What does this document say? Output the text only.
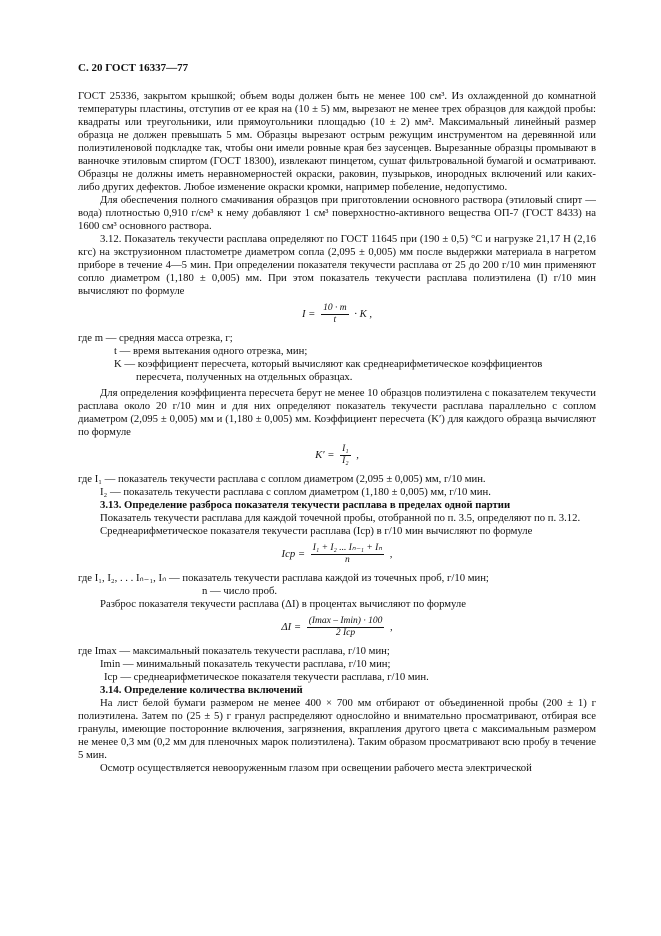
С. 20 ГОСТ 16337—77

ГОСТ 25336, закрытом крышкой; объем воды должен быть не менее 100 см³. Из охлажденной до комнатной температуры пластины, отступив от ее края на (10 ± 5) мм, вырезают не менее трех образцов для каждой пробы: квадраты или треугольники, или прямоугольники площадью (10 ± 2) мм². Максимальный линейный размер образца не должен превышать 5 мм. Образцы вырезают острым режущим инструментом на деревянной или полиэтиленовой подкладке так, чтобы они имели ровные края без заусенцев. Вырезанные образцы промывают в ванночке этиловым спиртом (ГОСТ 18300), извлекают пинцетом, сушат фильтровальной бумагой и осматривают. Образцы не должны иметь неравномерностей окраски, раковин, пузырьков, инородных включений или каких-либо других дефектов. Любое изменение окраски кромки, например побеление, недопустимо.

Для обеспечения полного смачивания образцов при приготовлении основного раствора (этиловый спирт — вода) плотностью 0,910 г/см³ к нему добавляют 1 см³ поверхностно-активного вещества ОП-7 (ГОСТ 8433) на 1600 см³ основного раствора.

3.12. Показатель текучести расплава определяют по ГОСТ 11645 при (190 ± 0,5) °С и нагрузке 21,17 Н (2,16 кгс) на экструзионном пластометре диаметром сопла (2,095 ± 0,005) мм после выдержки материала в нагретом приборе в течение 4—5 мин. При определении показателя текучести расплава от 25 до 200 г/10 мин применяют сопло диаметром (1,180 ± 0,005) мм. При этом показатель текучести расплава полиэтилена (I) г/10 мин вычисляют по формуле

$I = \frac{10 \cdot m}{t} \cdot K$ ,

где m — средняя масса отрезка, г;

t — время вытекания одного отрезка, мин;

K — коэффициент пересчета, который вычисляют как среднеарифметическое коэффициентов

пересчета, полученных на отдельных образцах.

Для определения коэффициента пересчета берут не менее 10 образцов полиэтилена с показателем текучести расплава около 20 г/10 мин и для них определяют показатель текучести расплава параллельно с соплом диаметром (2,095 ± 0,005) мм и (1,180 ± 0,005) мм. Коэффициент пересчета (K′) для каждого образца вычисляют по формуле

$K' = \frac{\text{I₁}}{\text{I₂}}$ ,

где I₁ — показатель текучести расплава с соплом диаметром (2,095 ± 0,005) мм, г/10 мин.

I₂ — показатель текучести расплава с соплом диаметром (1,180 ± 0,005) мм, г/10 мин.

3.13. Определение разброса показателя текучести расплава в пределах одной партии

Показатель текучести расплава для каждой точечной пробы, отобранной по п. 3.5, определяют по п. 3.12.

Среднеарифметическое показателя текучести расплава (Iср) в г/10 мин вычисляют по формуле

Iср = $\frac{\text{I₁ + I₂ ... Iₙ₋₁ + Iₙ}}{n}$ ,

где I₁, I₂, . . . Iₙ₋₁, Iₙ — показатель текучести расплава каждой из точечных проб, г/10 мин;

n — число проб.

Разброс показателя текучести расплава (ΔI) в процентах вычисляют по формуле

$\Delta I = \frac{(Imax - Imin) \cdot 100}{\text{2 Iср}}$ ,

где Imax — максимальный показатель текучести расплава, г/10 мин;

Imin — минимальный показатель текучести расплава, г/10 мин;

Iср — среднеарифметическое показателя текучести расплава, г/10 мин.

3.14. Определение количества включений

На лист белой бумаги размером не менее 400 × 700 мм отбирают от объединенной пробы (200 ± 1) г полиэтилена. Затем по (25 ± 5) г гранул распределяют однослойно и внимательно просматривают, отбирая все гранулы, имеющие посторонние включения, загрязнения, вкрапления другого цвета с максимальным размером не менее 0,3 мм (0,2 мм для пленочных марок полиэтилена). Таким образом просматривают всю пробу в течение 5 мин.

Осмотр осуществляется невооруженным глазом при освещении рабочего места электрической
